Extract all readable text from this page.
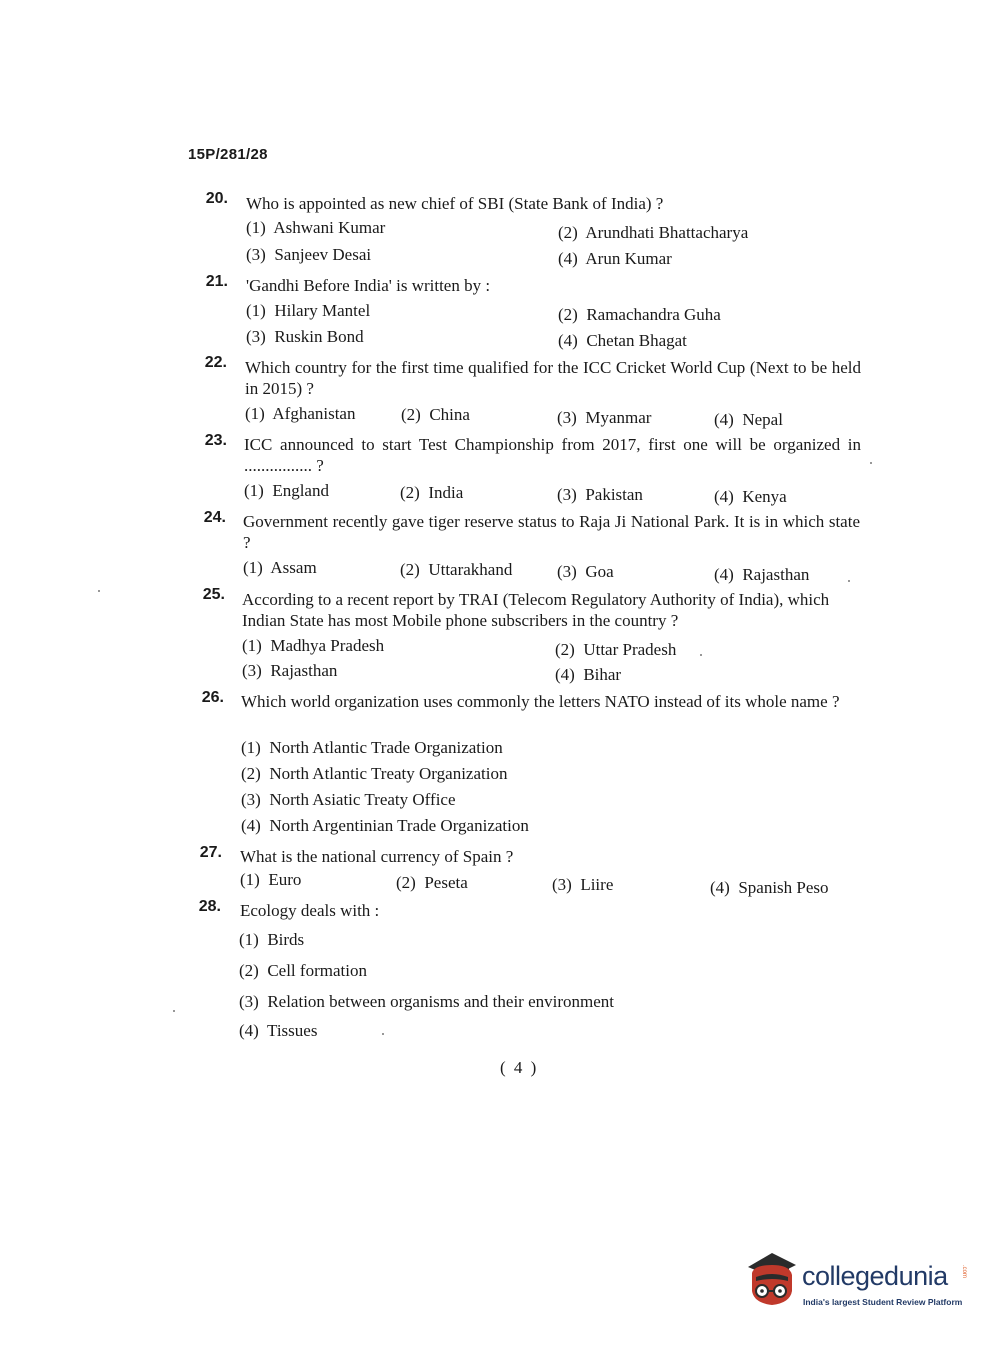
15P/281/28
20. Who is appointed as new chief of SBI (State Bank of India) ?
(1) Ashwani Kumar	(2) Arundhati Bhattacharya
(3) Sanjeev Desai	(4) Arun Kumar
21. 'Gandhi Before India' is written by :
(1) Hilary Mantel	(2) Ramachandra Guha
(3) Ruskin Bond	(4) Chetan Bhagat
22. Which country for the first time qualified for the ICC Cricket World Cup (Next to be held in 2015) ?
(1) Afghanistan	(2) China	(3) Myanmar	(4) Nepal
23. ICC announced to start Test Championship from 2017, first one will be organized in ................ ?
(1) England	(2) India	(3) Pakistan	(4) Kenya
24. Government recently gave tiger reserve status to Raja Ji National Park. It is in which state ?
(1) Assam	(2) Uttarakhand	(3) Goa	(4) Rajasthan
25. According to a recent report by TRAI (Telecom Regulatory Authority of India), which Indian State has most Mobile phone subscribers in the country ?
(1) Madhya Pradesh	(2) Uttar Pradesh
(3) Rajasthan	(4) Bihar
26. Which world organization uses commonly the letters NATO instead of its whole name ?
(1) North Atlantic Trade Organization
(2) North Atlantic Treaty Organization
(3) North Asiatic Treaty Office
(4) North Argentinian Trade Organization
27. What is the national currency of Spain ?
(1) Euro	(2) Peseta	(3) Liire	(4) Spanish Peso
28. Ecology deals with :
(1) Birds
(2) Cell formation
(3) Relation between organisms and their environment
(4) Tissues
( 4 )
collegedunia .com
India's largest Student Review Platform
